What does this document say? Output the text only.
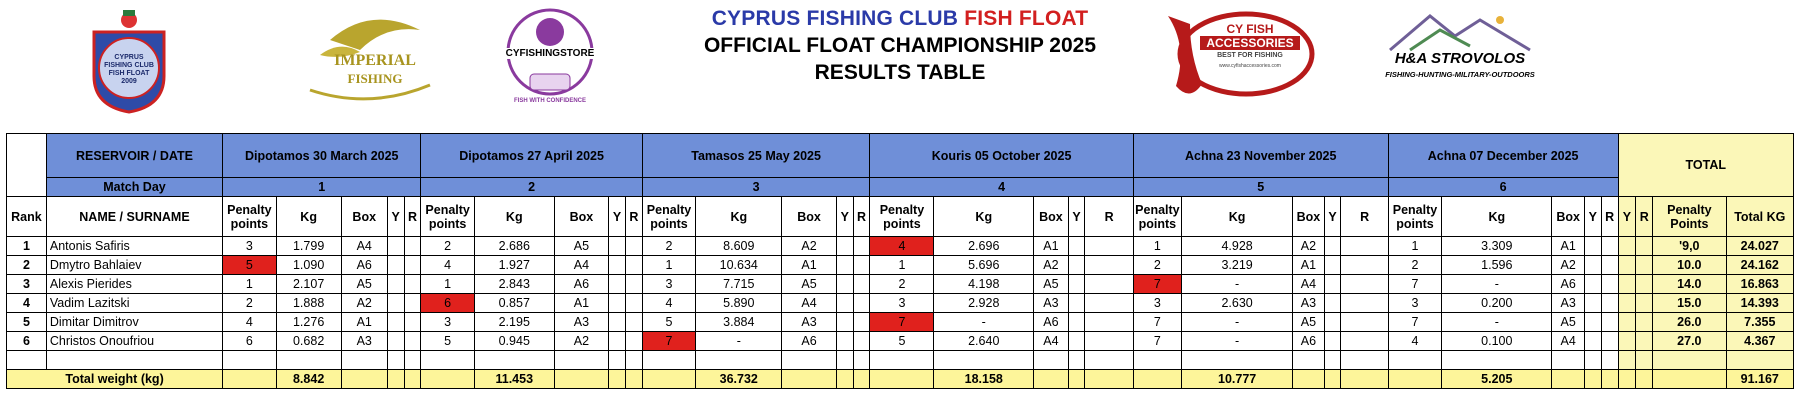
CYPRUS
FISHING CLUB
FISH FLOAT
2009
IMPERIAL
FISHING
CYFISHINGSTORE
FISH WITH CONFIDENCE
CYPRUS FISHING CLUB FISH FLOAT
OFFICIAL FLOAT CHAMPIONSHIP 2025
RESULTS TABLE
CY FISH
ACCESSORIES
BEST FOR FISHING
www.cyfishaccessories.com	H&A STROVOLOS
FISHING-HUNTING-MILITARY-OUTDOORS
	RESERVOIR / DATE	Dipotamos 30 March 2025					Dipotamos 27 April 2025					Tamasos 25 May 2025					Kouris 05 October 2025					Achna 23 November 2025					Achna 07 December 2025					TOTAL			
	Match Day	1					2					3					4					5					6								
Rank	NAME / SURNAME	Penalty points	Kg	Box	Y	R	Penalty points	Kg	Box	Y	R	Penalty points	Kg	Box	Y	R	Penalty points	Kg	Box	Y	R	Penalty points	Kg	Box	Y	R	Penalty points	Kg	Box	Y	R	Y	R	Penalty Points	Total KG
1	Antonis Safiris	3	1.799	A4			2	2.686	A5			2	8.609	A2			4	2.696	A1			1	4.928	A2			1	3.309	A1					'9,0	24.027
2	Dmytro Bahlaiev	5	1.090	A6			4	1.927	A4			1	10.634	A1			1	5.696	A2			2	3.219	A1			2	1.596	A2					10.0	24.162
3	Alexis Pierides	1	2.107	A5			1	2.843	A6			3	7.715	A5			2	4.198	A5			7	-	A4			7	-	A6					14.0	16.863
4	Vadim Lazitski	2	1.888	A2			6	0.857	A1			4	5.890	A4			3	2.928	A3			3	2.630	A3			3	0.200	A3					15.0	14.393
5	Dimitar Dimitrov	4	1.276	A1			3	2.195	A3			5	3.884	A3			7	-	A6			7	-	A5			7	-	A5					26.0	7.355
6	Christos Onoufriou	6	0.682	A3			5	0.945	A2			7	-	A6			5	2.640	A4			7	-	A6			4	0.100	A4					27.0	4.367

Total weight (kg)			8.842					11.453					36.732					18.158					10.777					5.205							91.167
